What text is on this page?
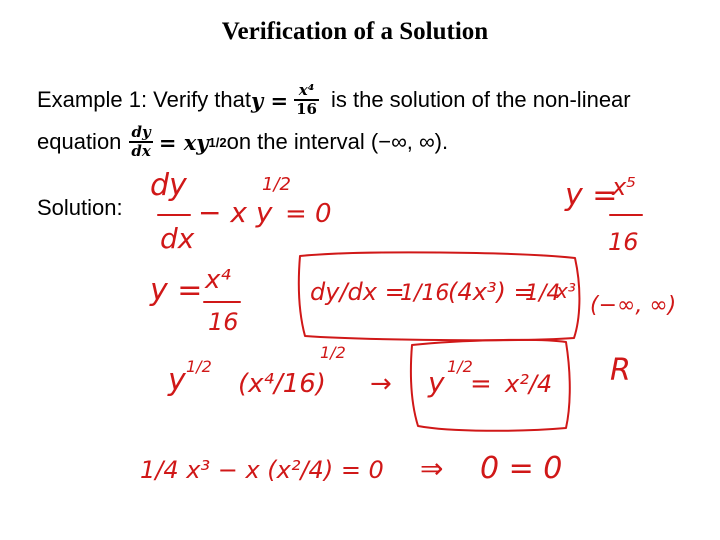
Verification of a Solution
Example 1: Verify that $y = \frac{\text{x⁴}}{16}$ is the solution of the non-linear
equation $\frac{dy}{dx}$ = xy 1/2 on the interval (−∞, ∞).
Solution:
dy
dx
− x y
1/2
= 0
y =
x⁵
16
y = x⁴
16
dy/dx =
1/16
(4x³) =
1/4
x³
(−∞, ∞)
y 1/2
(x⁴/16)
1/2
→ y 1/2
= x²/4 R
1/4 x³ − x (x²/4) = 0 ⇒ 0 = 0
